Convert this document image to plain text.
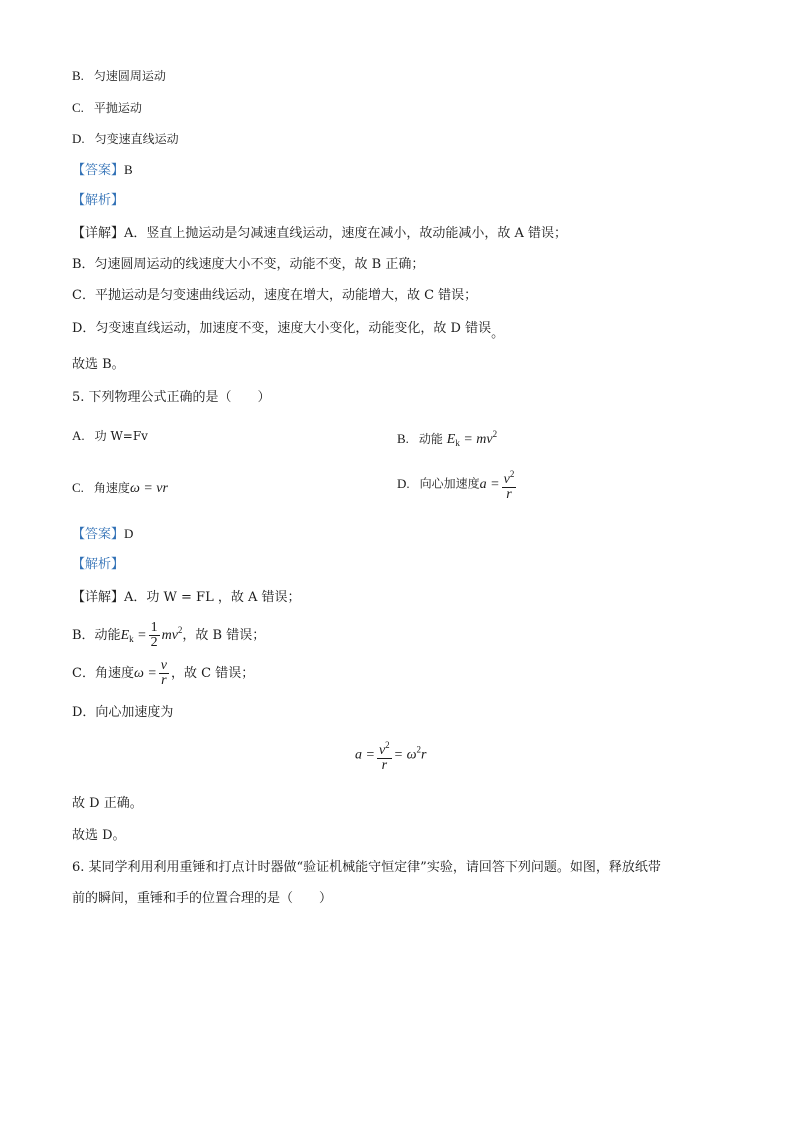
B. 匀速圆周运动
C. 平抛运动
D. 匀变速直线运动
【答案】B
【解析】
【详解】A．竖直上抛运动是匀减速直线运动，速度在减小，故动能减小，故 A 错误；
B．匀速圆周运动的线速度大小不变，动能不变，故 B 正确；
C．平抛运动是匀变速曲线运动，速度在增大，动能增大，故 C 错误；
D．匀变速直线运动，加速度不变，速度大小变化，动能变化，故 D 错误。
故选 B。
5. 下列物理公式正确的是（　　）
A. 功 W=Fv	B. 动能 $E_k = mv^2$
C. 角速度ω = vr	D. 向心加速度$a = \frac{v^2}{r}$
【答案】D
【解析】
【详解】A．功 W = FL ，故 A 错误；
B．动能$E_k = \frac{1}{2} mv^2$，故 B 错误；
C．角速度$\omega = \frac{v}{r}$ ，故 C 错误；
D．向心加速度为
$a = \frac{v^2}{r} = \omega^2r$
故 D 正确。
故选 D。
6. 某同学利用利用重锤和打点计时器做“验证机械能守恒定律”实验，请回答下列问题。如图，释放纸带
前的瞬间，重锤和手的位置合理的是（　　）
